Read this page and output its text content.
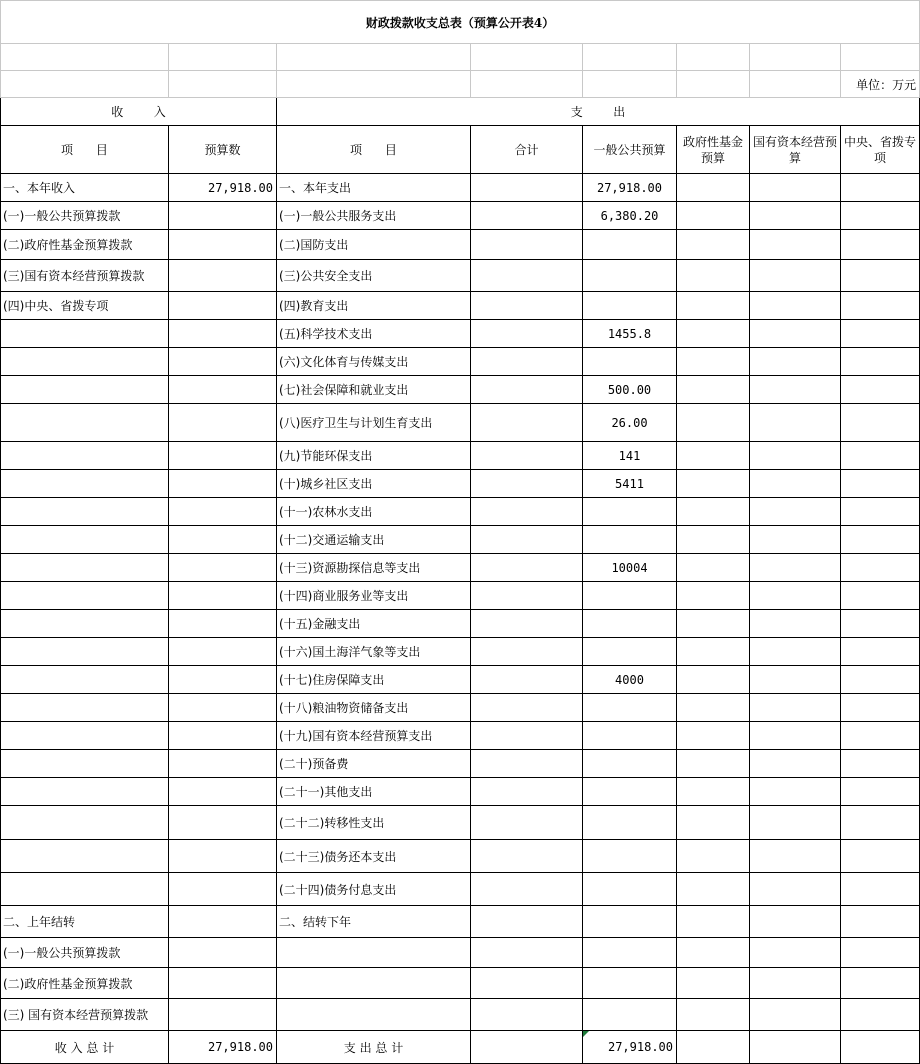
财政拨款收支总表（预算公开表4）							

							单位：万元
收        入		支        出					
项      目	预算数	项      目	合计	一般公共预算	政府性基金预算	国有资本经营预算	中央、省拨专项
一、本年收入	27,918.00	一、本年支出		27,918.00			
(一)一般公共预算拨款		(一)一般公共服务支出		6,380.20			
(二)政府性基金预算拨款		(二)国防支出					
(三)国有资本经营预算拨款		(三)公共安全支出					
(四)中央、省拨专项		(四)教育支出					
		(五)科学技术支出		1455.8			
		(六)文化体育与传媒支出					
		(七)社会保障和就业支出		500.00			
		(八)医疗卫生与计划生育支出		26.00			
		(九)节能环保支出		141			
		(十)城乡社区支出		5411			
		(十一)农林水支出					
		(十二)交通运输支出					
		(十三)资源勘探信息等支出		10004			
		(十四)商业服务业等支出					
		(十五)金融支出					
		(十六)国土海洋气象等支出					
		(十七)住房保障支出		4000			
		(十八)粮油物资储备支出					
		(十九)国有资本经营预算支出					
		(二十)预备费					
		(二十一)其他支出					
		(二十二)转移性支出					
		(二十三)债务还本支出					
		(二十四)债务付息支出					
二、上年结转		二、结转下年					
(一)一般公共预算拨款							
(二)政府性基金预算拨款							
(三) 国有资本经营预算拨款							
收 入 总 计	27,918.00	支 出 总 计		27,918.00			
